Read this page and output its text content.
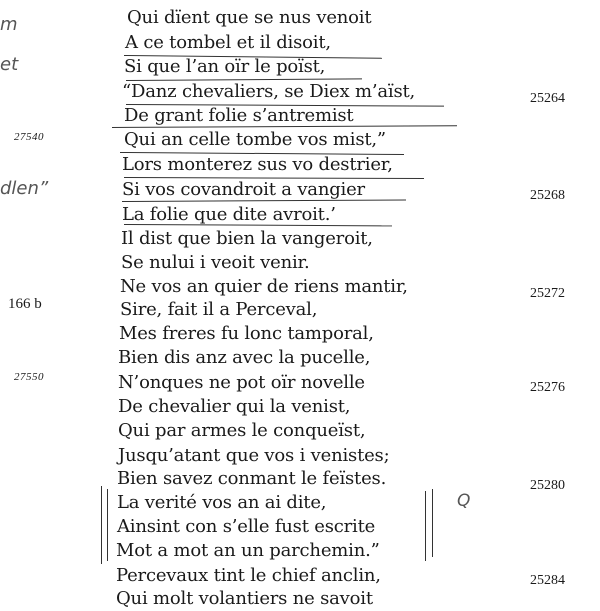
m
et
dlen”
Q
27540
166 b
27550
25264
25268
25272
25276
25280
25284
Qui dïent que se nus venoit
A ce tombel et il disoit,
Si que l’an oïr le poïst,
“Danz chevaliers, se Diex m’aïst,
De grant folie s’antremist
Qui an celle tombe vos mist,”
Lors monterez sus vo destrier,
Si vos covandroit a vangier
La folie que dite avroit.’
Il dist que bien la vangeroit,
Se nului i veoit venir.
Ne vos an quier de riens mantir,
Sire, fait il a Perceval,
Mes freres fu lonc tamporal,
Bien dis anz avec la pucelle,
N’onques ne pot oïr novelle
De chevalier qui la venist,
Qui par armes le conqueïst,
Jusqu’atant que vos i venistes;
Bien savez conmant le feïstes.
La verité vos an ai dite,
Ainsint con s’elle fust escrite
Mot a mot an un parchemin.”
Percevaux tint le chief anclin,
Qui molt volantiers ne savoit
